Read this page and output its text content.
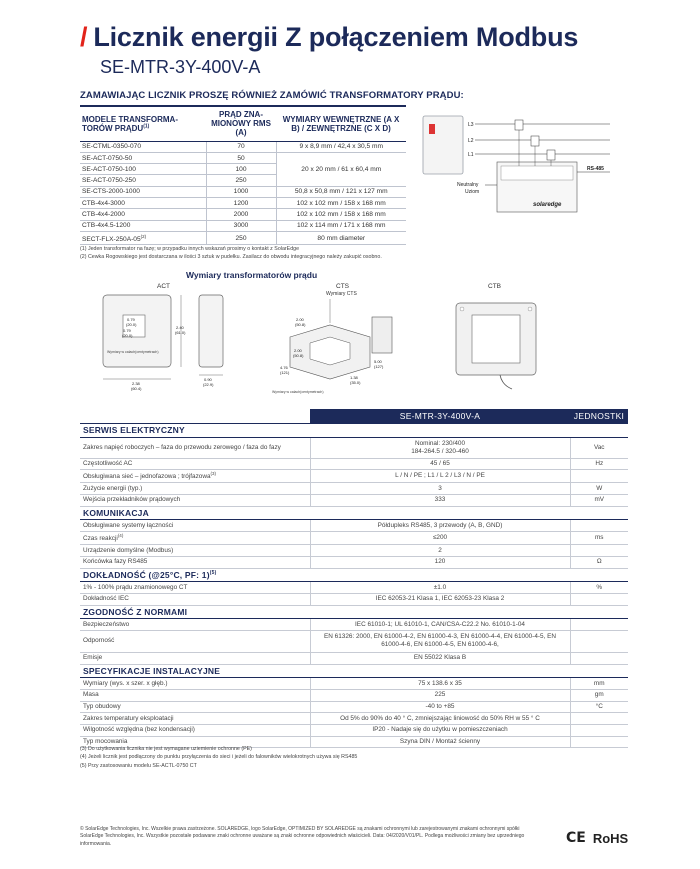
/ Licznik energii Z połączeniem Modbus
SE-MTR-3Y-400V-A
ZAMAWIAJĄC LICZNIK PROSZĘ RÓWNIEŻ ZAMÓWIĆ TRANSFORMATORY PRĄDU:
MODELE TRANSFORMA-TORÓW PRĄDU$^{(1)}$	PRĄD ZNA-MIONOWY RMS (A)	WYMIARY WEWNĘTRZNE (A X B) / ZEWNĘTRZNE (C X D)
SE-CTML-0350-070	70	9 x 8,9 mm / 42,4 x 30,5 mm
SE-ACT-0750-50	50	20 x 20 mm / 61 x 60,4 mm
SE-ACT-0750-100	100	
SE-ACT-0750-250	250	
SE-CTS-2000-1000	1000	50,8 x 50,8 mm / 121 x 127 mm
CTB-4x4-3000	1200	102 x 102 mm / 158 x 168 mm
CTB-4x4-2000	2000	102 x 102 mm / 158 x 168 mm
CTB-4x4.5-1200	3000	102 x 114 mm / 171 x 168 mm
SECT-FLX-250A-05$^{(2)}$	250	80 mm diameter
(1) Jeden transformator na fazę; w przypadku innych wskazań prosimy o kontakt z SolarEdge
(2) Cewka Rogowskiego jest dostarczana w ilości 3 sztuk w pudełku. Zasilacz do obwodu integracyjnego należy zakupić osobno.
L3
L2
L1
RS-485
Neutralny
Uziom
solaredge
Wymiary transformatorów prądu
ACT
0.79
(20.0)
0.79
(20.0)
2.40
(61.0)
2.38
(60.4)
0.90
(22.9)
Wymiary w calach(centymetrach)
CTS
Wymiary CTS
2.00
(50.8)
2.00
(50.8)
4.76
(121)
5.00
(127)
1.38
(35.0)
Wymiary w calach(centymetrach)
CTB
	SE-MTR-3Y-400V-A	JEDNOSTKI
SERWIS ELEKTRYCZNY		
Zakres napięć roboczych – faza do przewodu zerowego / faza do fazy	Nominal: 230/400
184-264.5 / 320-460	Vac
Częstotliwość AC	45 / 65	Hz
Obsługiwana sieć – jednofazowa ; trójfazowa$^{(3)}$	L / N / PE ; L1 / L 2 / L3 / N / PE	
Zużycie energii (typ.)	3	W
Wejścia przekładników prądowych	333	mV
KOMUNIKACJA		
Obsługiwane systemy łączności	Półdupleks RS485, 3 przewody (A, B, GND)	
Czas reakcji$^{(4)}$	≤200	ms
Urządzenie domyślne (Modbus)	2	
Końcówka fazy RS485	120	Ω
DOKŁADNOŚĆ (@25°C, PF: 1)$^{(5)}$
1% - 100% prądu znamionowego CT	±1.0	%
Dokładność IEC	IEC 62053-21 Klasa 1, IEC 62053-23 Klasa 2	
ZGODNOŚĆ Z NORMAMI		
Bezpieczeństwo	IEC 61010-1; UL 61010-1, CAN/CSA-C22.2 No. 61010-1-04	
Odporność	EN 61326: 2000, EN 61000-4-2, EN 61000-4-3, EN 61000-4-4, EN 61000-4-5, EN 61000-4-6, EN 61000-4-5, EN 61000-4-6,	
Emisje	EN 55022 Klasa B	
SPECYFIKACJE INSTALACYJNE		
Wymiary (wys. x szer. x głęb.)	75 x 138.6 x 35	mm
Masa	225	gm
Typ obudowy	-40 to +85	°C
Zakres temperatury eksploatacji	Od 5% do 90% do 40 ° C, zmniejszając liniowość do 50% RH w 55 ° C	
Wilgotność względna (bez kondensacji)	IP20 - Nadaje się do użytku w pomieszczeniach	
Typ mocowania	Szyna DIN / Montaż ścienny	
(3) Do użytkowania licznika nie jest wymagane uziemienie ochronne (PE)
(4) Jeżeli licznik jest podłączony do punktu przyłączenia do sieci i jeżeli do falowników wielokrotnych używa się RS485
(5) Przy zastosowaniu modelu SE-ACTL-0750 CT
© SolarEdge Technologies, Inc. Wszelkie prawa zastrzeżone. SOLAREDGE, logo SolarEdge, OPTIMIZED BY SOLAREDGE są znakami ochronnymi lub zarejestrowanymi znakami ochronnymi spółki SolarEdge Technologies, Inc. Wszystkie pozostałe podawane znaki ochronne uważane są znaki ochronne odpowiednich właścicieli. Data: 04/2020/V01/PL. Podlega możliwości zmiany bez uprzedniego informowania.	CE RoHS
